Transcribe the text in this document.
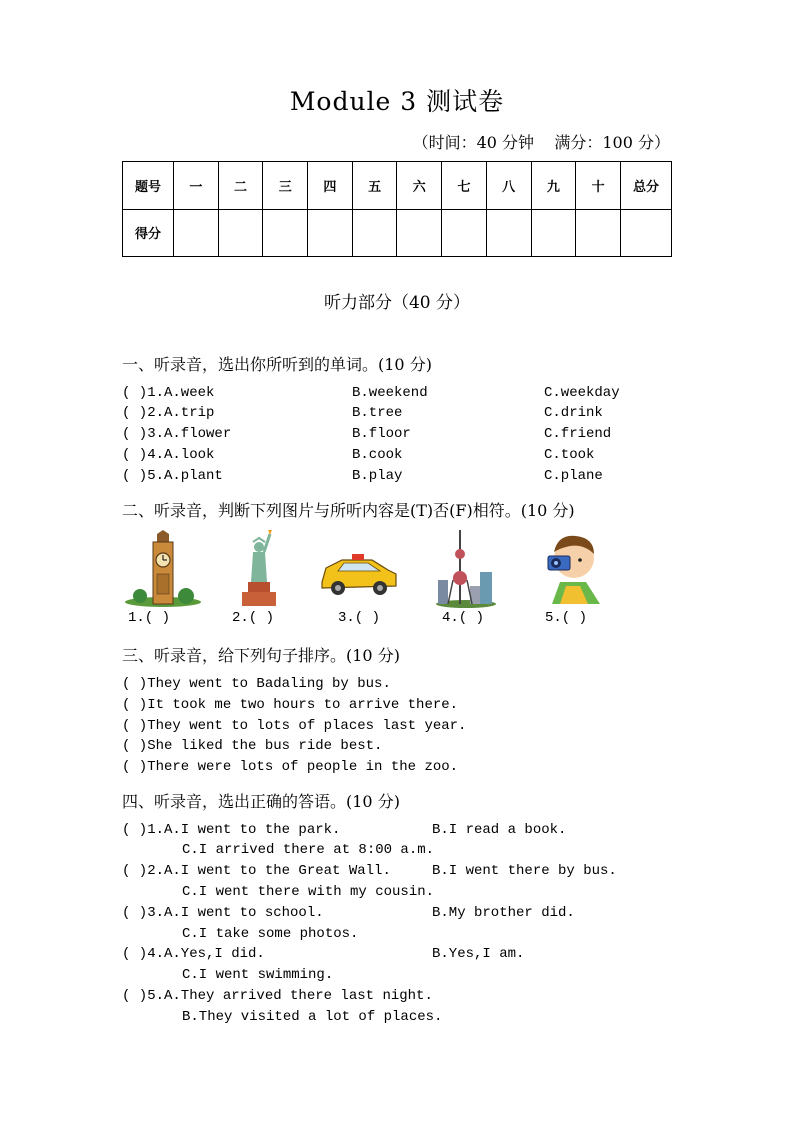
Module 3 测试卷
（时间：40 分钟    满分：100 分）
题号	一	二	三	四	五	六	七	八	九	十	总分
得分											
听力部分（40 分）
一、听录音，选出你所听到的单词。(10 分)
( )1.A.week	B.weekend	C.weekday
( )2.A.trip	B.tree	C.drink
( )3.A.flower	B.floor	C.friend
( )4.A.look	B.cook	C.took
( )5.A.plant	B.play	C.plane
二、听录音，判断下列图片与所听内容是(T)否(F)相符。(10 分)
1.( )	2.( )	3.( )	4.( )	5.( )
三、听录音，给下列句子排序。(10 分)
( )They went to Badaling by bus.
( )It took me two hours to arrive there.
( )They went to lots of places last year.
( )She liked the bus ride best.
( )There were lots of people in the zoo.
四、听录音，选出正确的答语。(10 分)
( )1.A.I went to the park.	B.I read a book.
C.I arrived there at 8:00 a.m.
( )2.A.I went to the Great Wall.	B.I went there by bus.
C.I went there with my cousin.
( )3.A.I went to school.	B.My brother did.
C.I take some photos.
( )4.A.Yes,I did.	B.Yes,I am.
C.I went swimming.
( )5.A.They arrived there last night.
B.They visited a lot of places.
